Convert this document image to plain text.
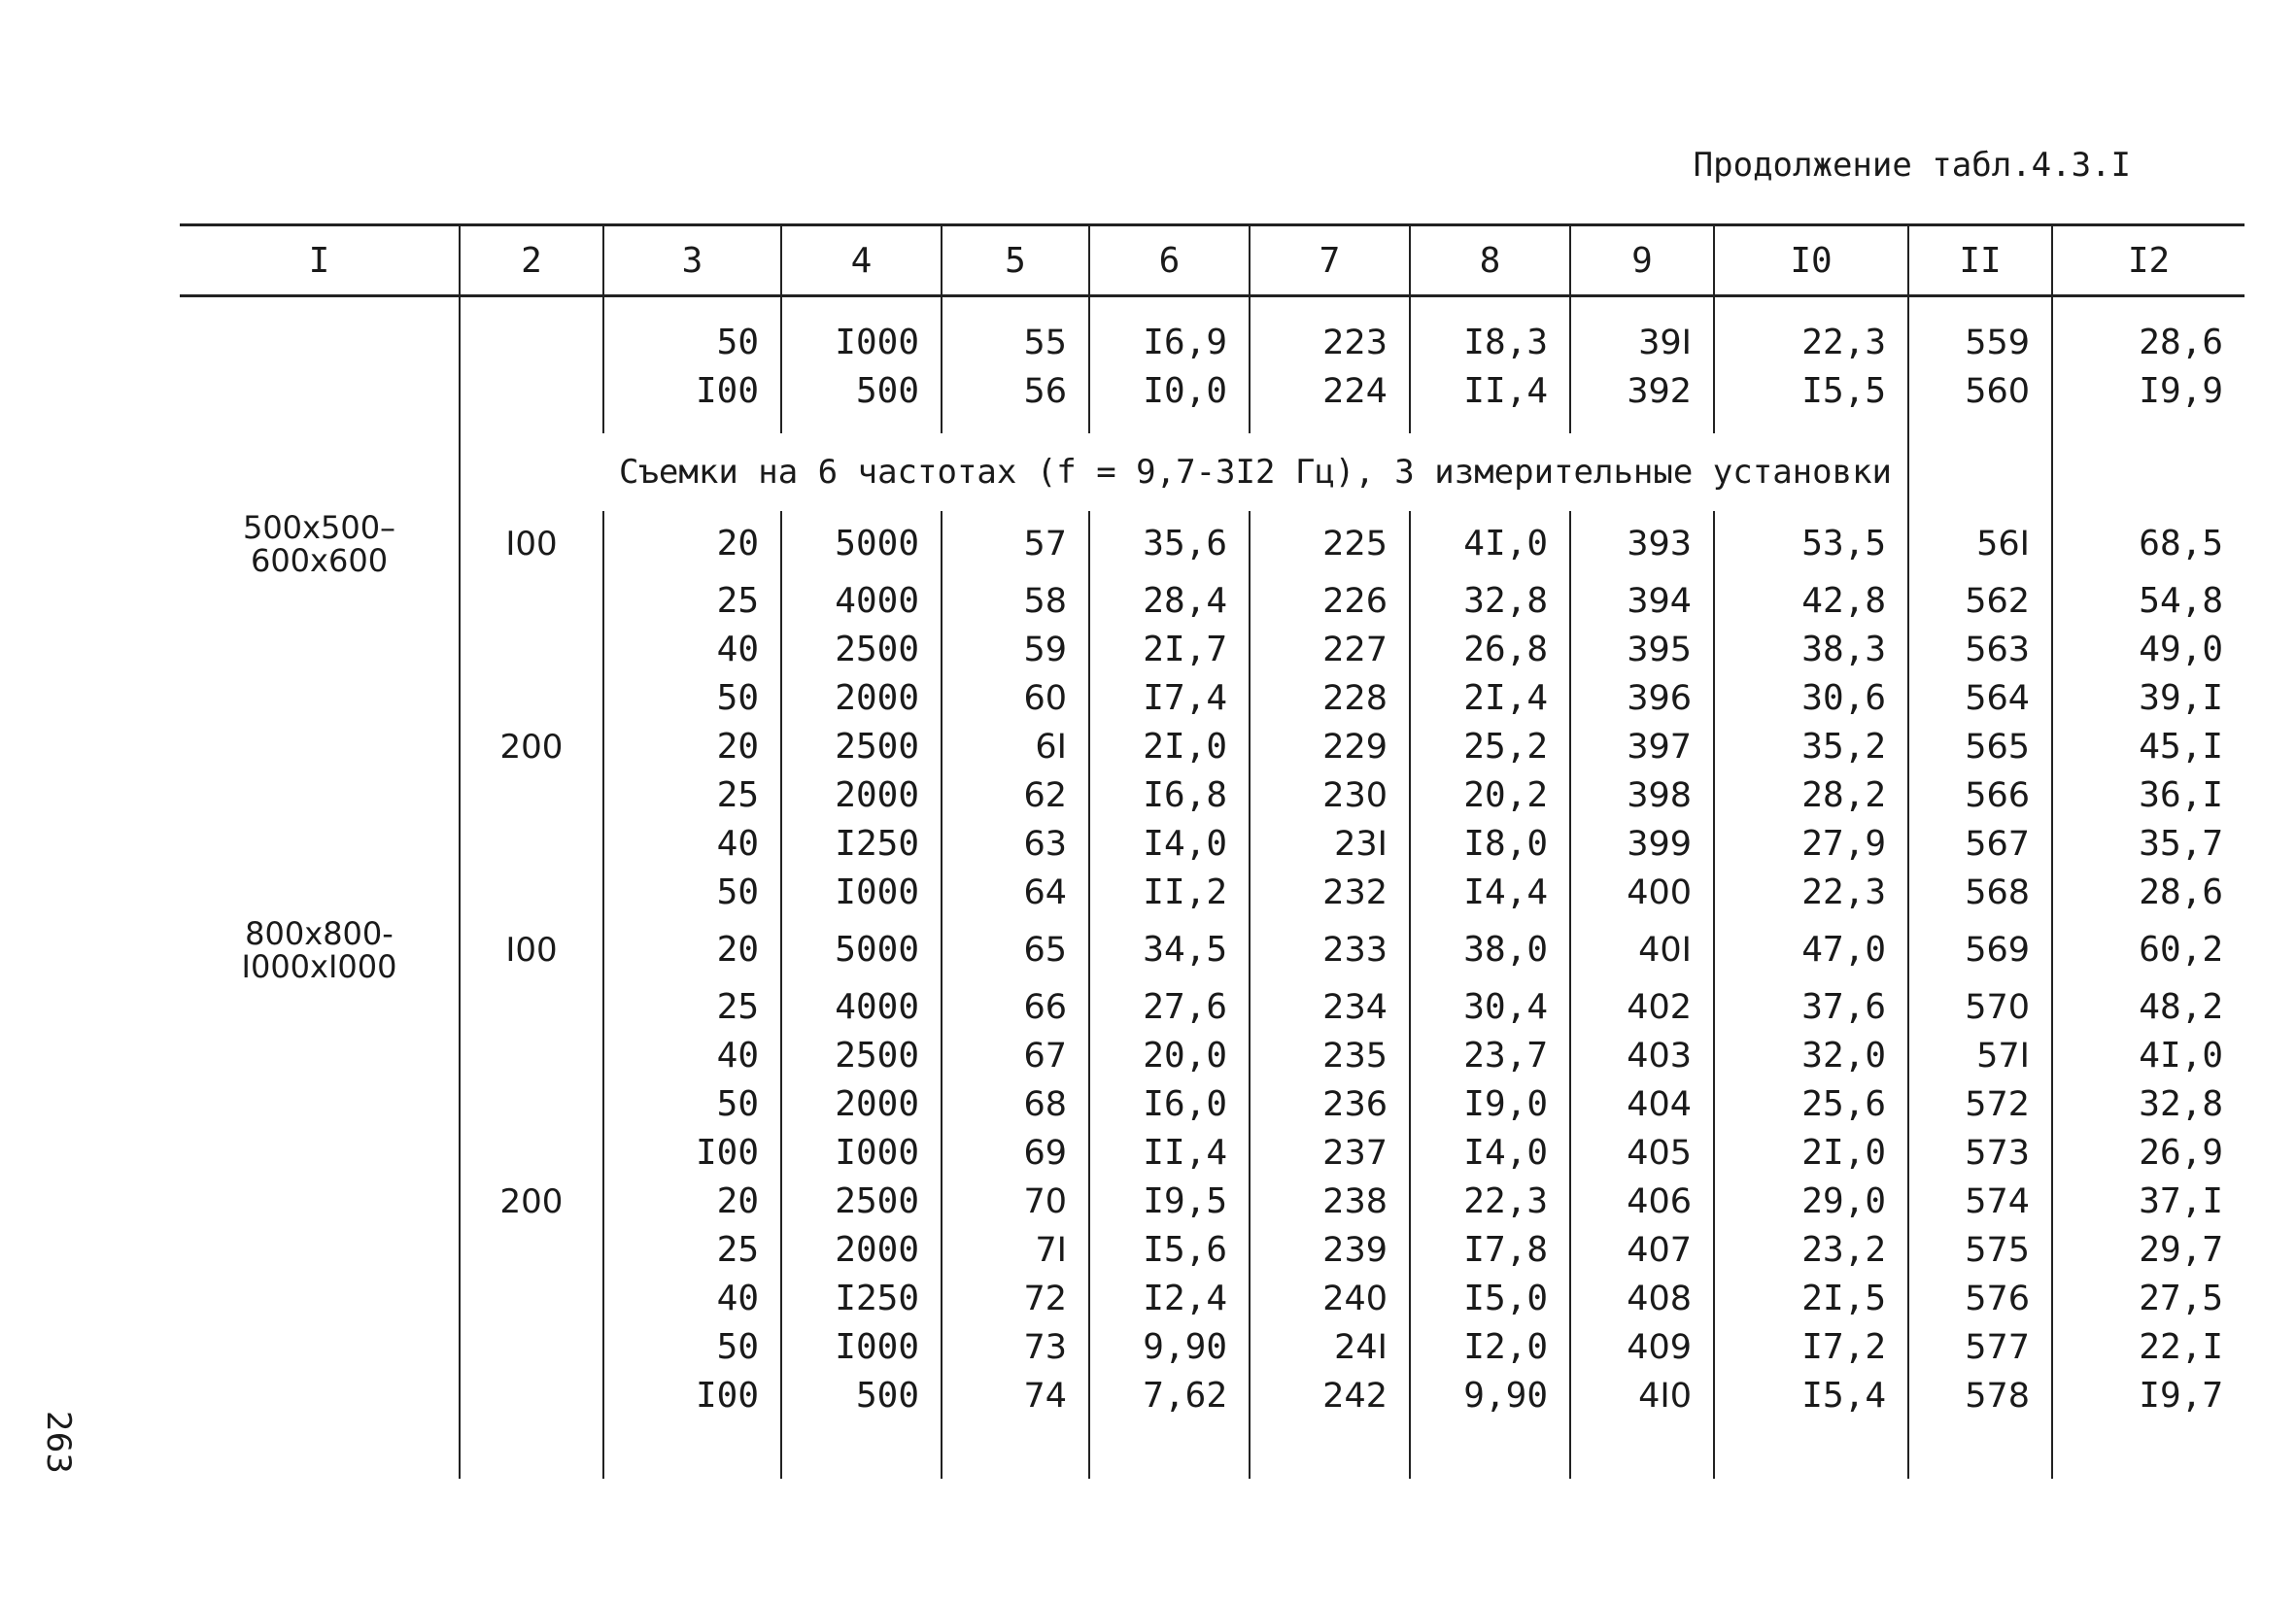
Продолжение табл.4.3.I
263
I	2	3	4	5	6	7	8	9	I0	II	I2

		50	I000	55	I6,9	223	I8,3	39I	22,3	559	28,6
		I00	500	56	I0,0	224	II,4	392	I5,5	560	I9,9

		Съемки на 6 частотах (f = 9,7-3I2 Гц), 3 измерительные установки									
500x500–
600x600	I00	20	5000	57	35,6	225	4I,0	393	53,5	56I	68,5
		25	4000	58	28,4	226	32,8	394	42,8	562	54,8
		40	2500	59	2I,7	227	26,8	395	38,3	563	49,0
		50	2000	60	I7,4	228	2I,4	396	30,6	564	39,I
	200	20	2500	6I	2I,0	229	25,2	397	35,2	565	45,I
		25	2000	62	I6,8	230	20,2	398	28,2	566	36,I
		40	I250	63	I4,0	23I	I8,0	399	27,9	567	35,7
		50	I000	64	II,2	232	I4,4	400	22,3	568	28,6
800x800-
I000xI000	I00	20	5000	65	34,5	233	38,0	40I	47,0	569	60,2
		25	4000	66	27,6	234	30,4	402	37,6	570	48,2
		40	2500	67	20,0	235	23,7	403	32,0	57I	4I,0
		50	2000	68	I6,0	236	I9,0	404	25,6	572	32,8
		I00	I000	69	II,4	237	I4,0	405	2I,0	573	26,9
	200	20	2500	70	I9,5	238	22,3	406	29,0	574	37,I
		25	2000	7I	I5,6	239	I7,8	407	23,2	575	29,7
		40	I250	72	I2,4	240	I5,0	408	2I,5	576	27,5
		50	I000	73	9,90	24I	I2,0	409	I7,2	577	22,I
		I00	500	74	7,62	242	9,90	4I0	I5,4	578	I9,7
